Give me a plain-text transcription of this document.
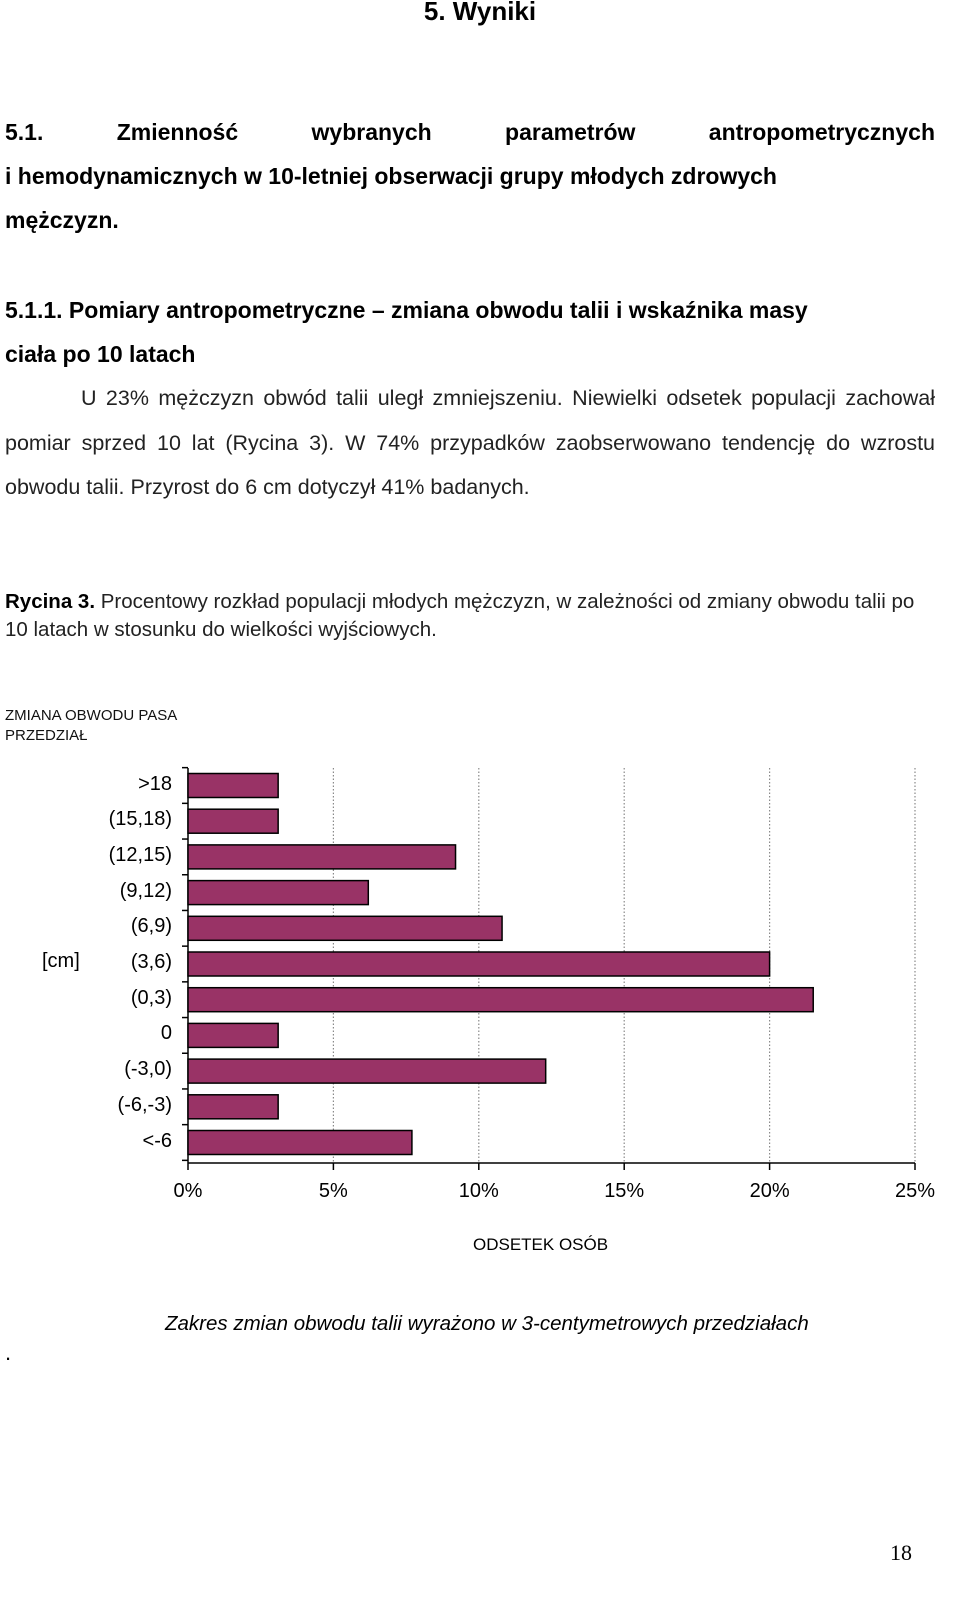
5. Wyniki
5.1. Zmienność wybranych parametrów antropometrycznych
i hemodynamicznych w 10-letniej obserwacji grupy młodych zdrowych
mężczyzn.
5.1.1. Pomiary antropometryczne – zmiana obwodu talii i wskaźnika masy
ciała po 10 latach
U 23% mężczyzn obwód talii uległ zmniejszeniu. Niewielki odsetek populacji zachował pomiar sprzed 10 lat (Rycina 3). W 74% przypadków zaobserwowano tendencję do wzrostu obwodu talii. Przyrost do 6 cm dotyczył 41% badanych.
Rycina 3. Procentowy rozkład populacji młodych mężczyzn, w zależności od zmiany obwodu talii po 10 latach w stosunku do wielkości wyjściowych.
ZMIANA OBWODU PASA
PRZEDZIAŁ
[cm]
>18
(15,18)
(12,15)
(9,12)
(6,9)
(3,6)
(0,3)
0
(-3,0)
(-6,-3)
<-6
0%	5%	10%	15%	20%	25%
ODSETEK OSÓB
.
Zakres zmian obwodu talii wyrażono w 3-centymetrowych przedziałach
18
